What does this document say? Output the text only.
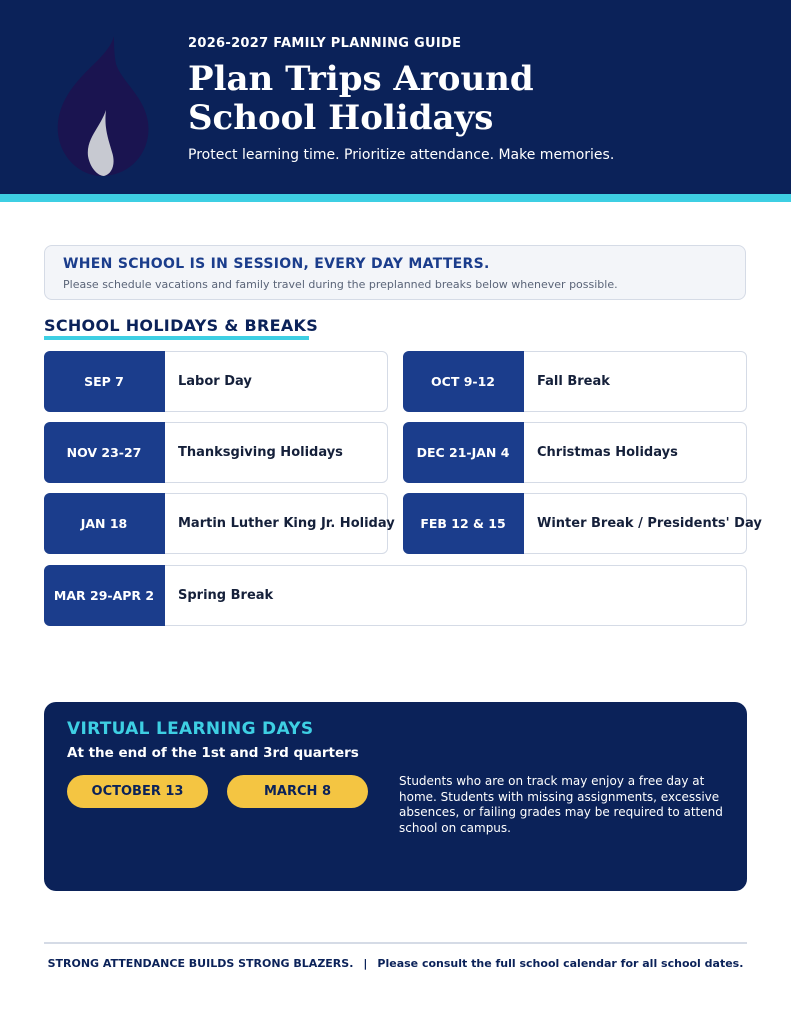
2026-2027 FAMILY PLANNING GUIDE
Plan Trips Around
School Holidays
Protect learning time. Prioritize attendance. Make memories.
WHEN SCHOOL IS IN SESSION, EVERY DAY MATTERS.
Please schedule vacations and family travel during the preplanned breaks below whenever possible.
SCHOOL HOLIDAYS & BREAKS
SEP 7	Labor Day	OCT 9-12	Fall Break
NOV 23-27	Thanksgiving Holidays	DEC 21-JAN 4	Christmas Holidays
JAN 18	Martin Luther King Jr. Holiday	FEB 12 & 15	Winter Break / Presidents' Day
MAR 29-APR 2	Spring Break
VIRTUAL LEARNING DAYS
At the end of the 1st and 3rd quarters
OCTOBER 13	MARCH 8
Students who are on track may enjoy a free day at home. Students with missing assignments, excessive absences, or failing grades may be required to attend school on campus.
STRONG ATTENDANCE BUILDS STRONG BLAZERS. | Please consult the full school calendar for all school dates.
